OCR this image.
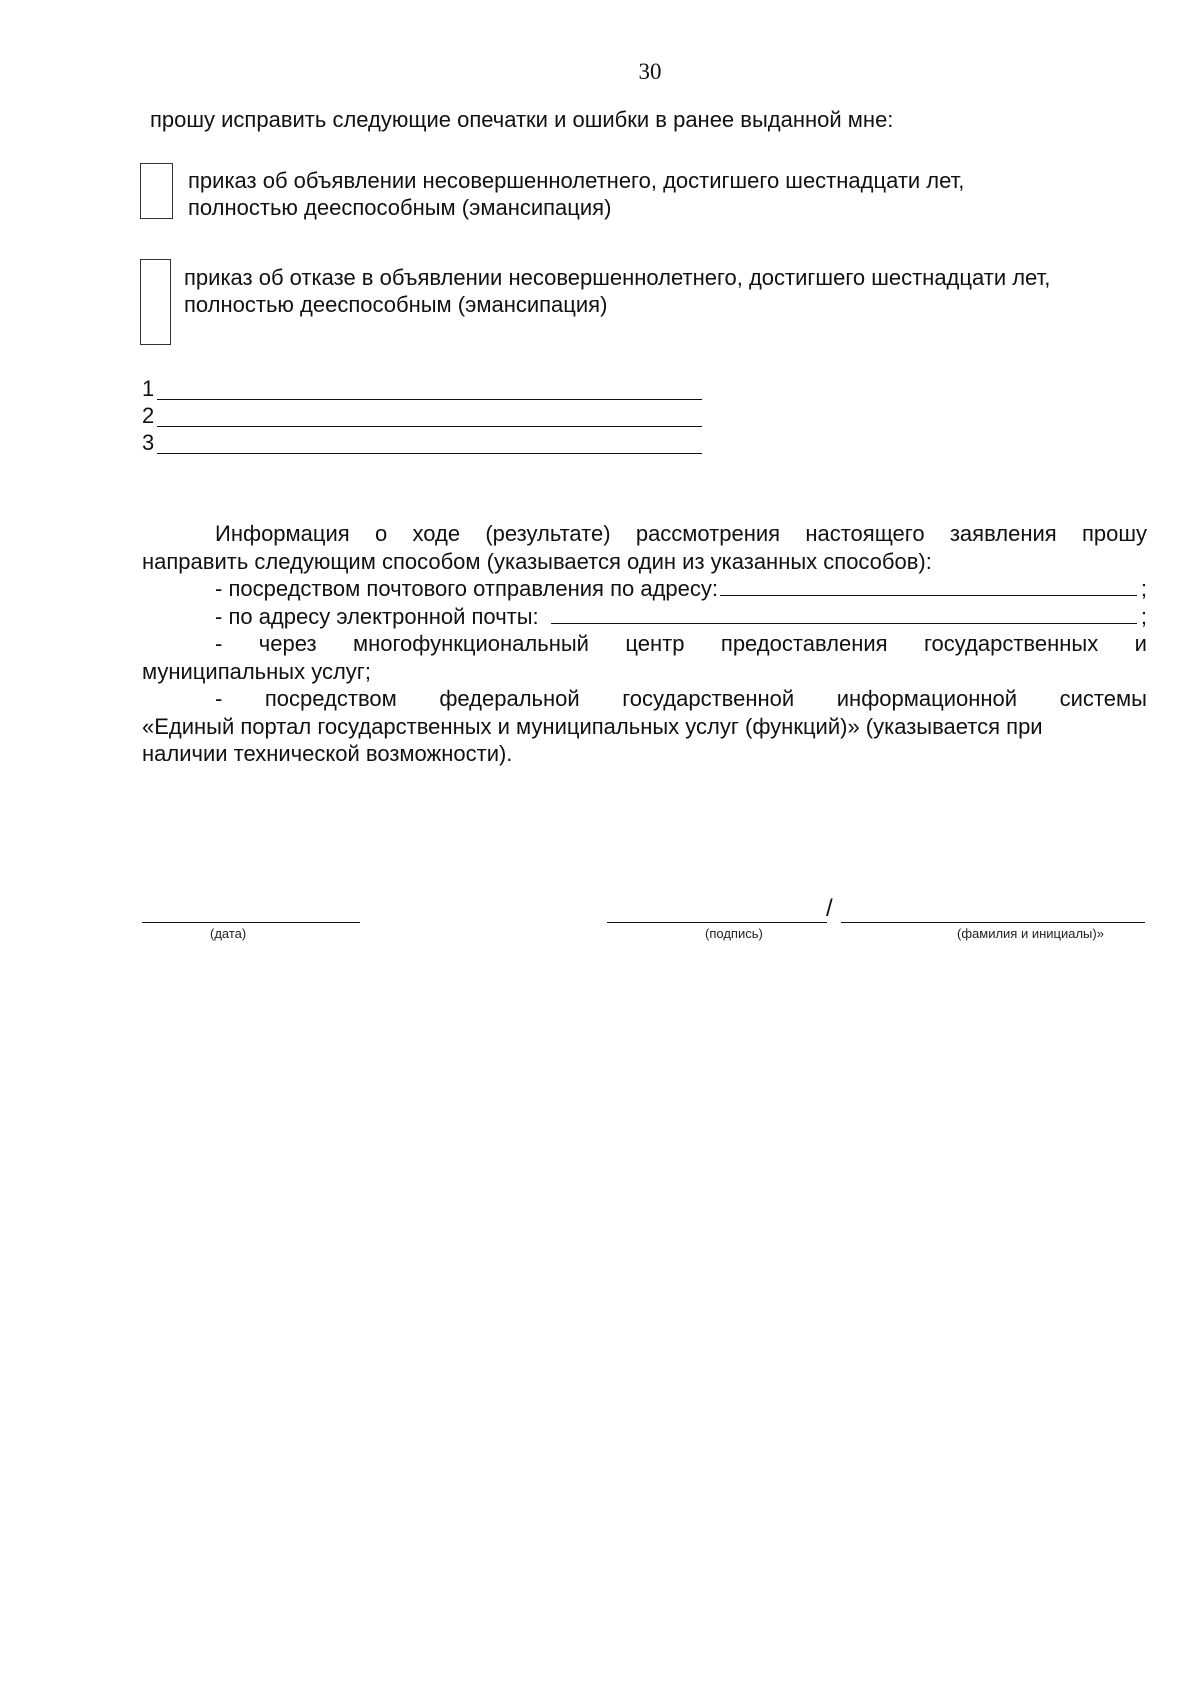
30
прошу исправить следующие опечатки и ошибки в ранее выданной мне:
приказ об объявлении несовершеннолетнего, достигшего шестнадцати лет,
полностью дееспособным (эмансипация)
приказ об отказе в объявлении несовершеннолетнего, достигшего шестнадцати лет,
полностью дееспособным (эмансипация)
1
2
3
Информация о ходе (результате) рассмотрения настоящего заявления прошу

направить следующим способом (указывается один из указанных способов):

- посредством почтового отправления по адресу:	;
- по адресу электронной почты:	;
- через многофункциональный центр предоставления государственных и

муниципальных услуг;

- посредством федеральной государственной информационной системы

«Единый портал государственных и муниципальных услуг (функций)» (указывается при

наличии технической возможности).

/
(дата)	(подпись)	(фамилия и инициалы)»
